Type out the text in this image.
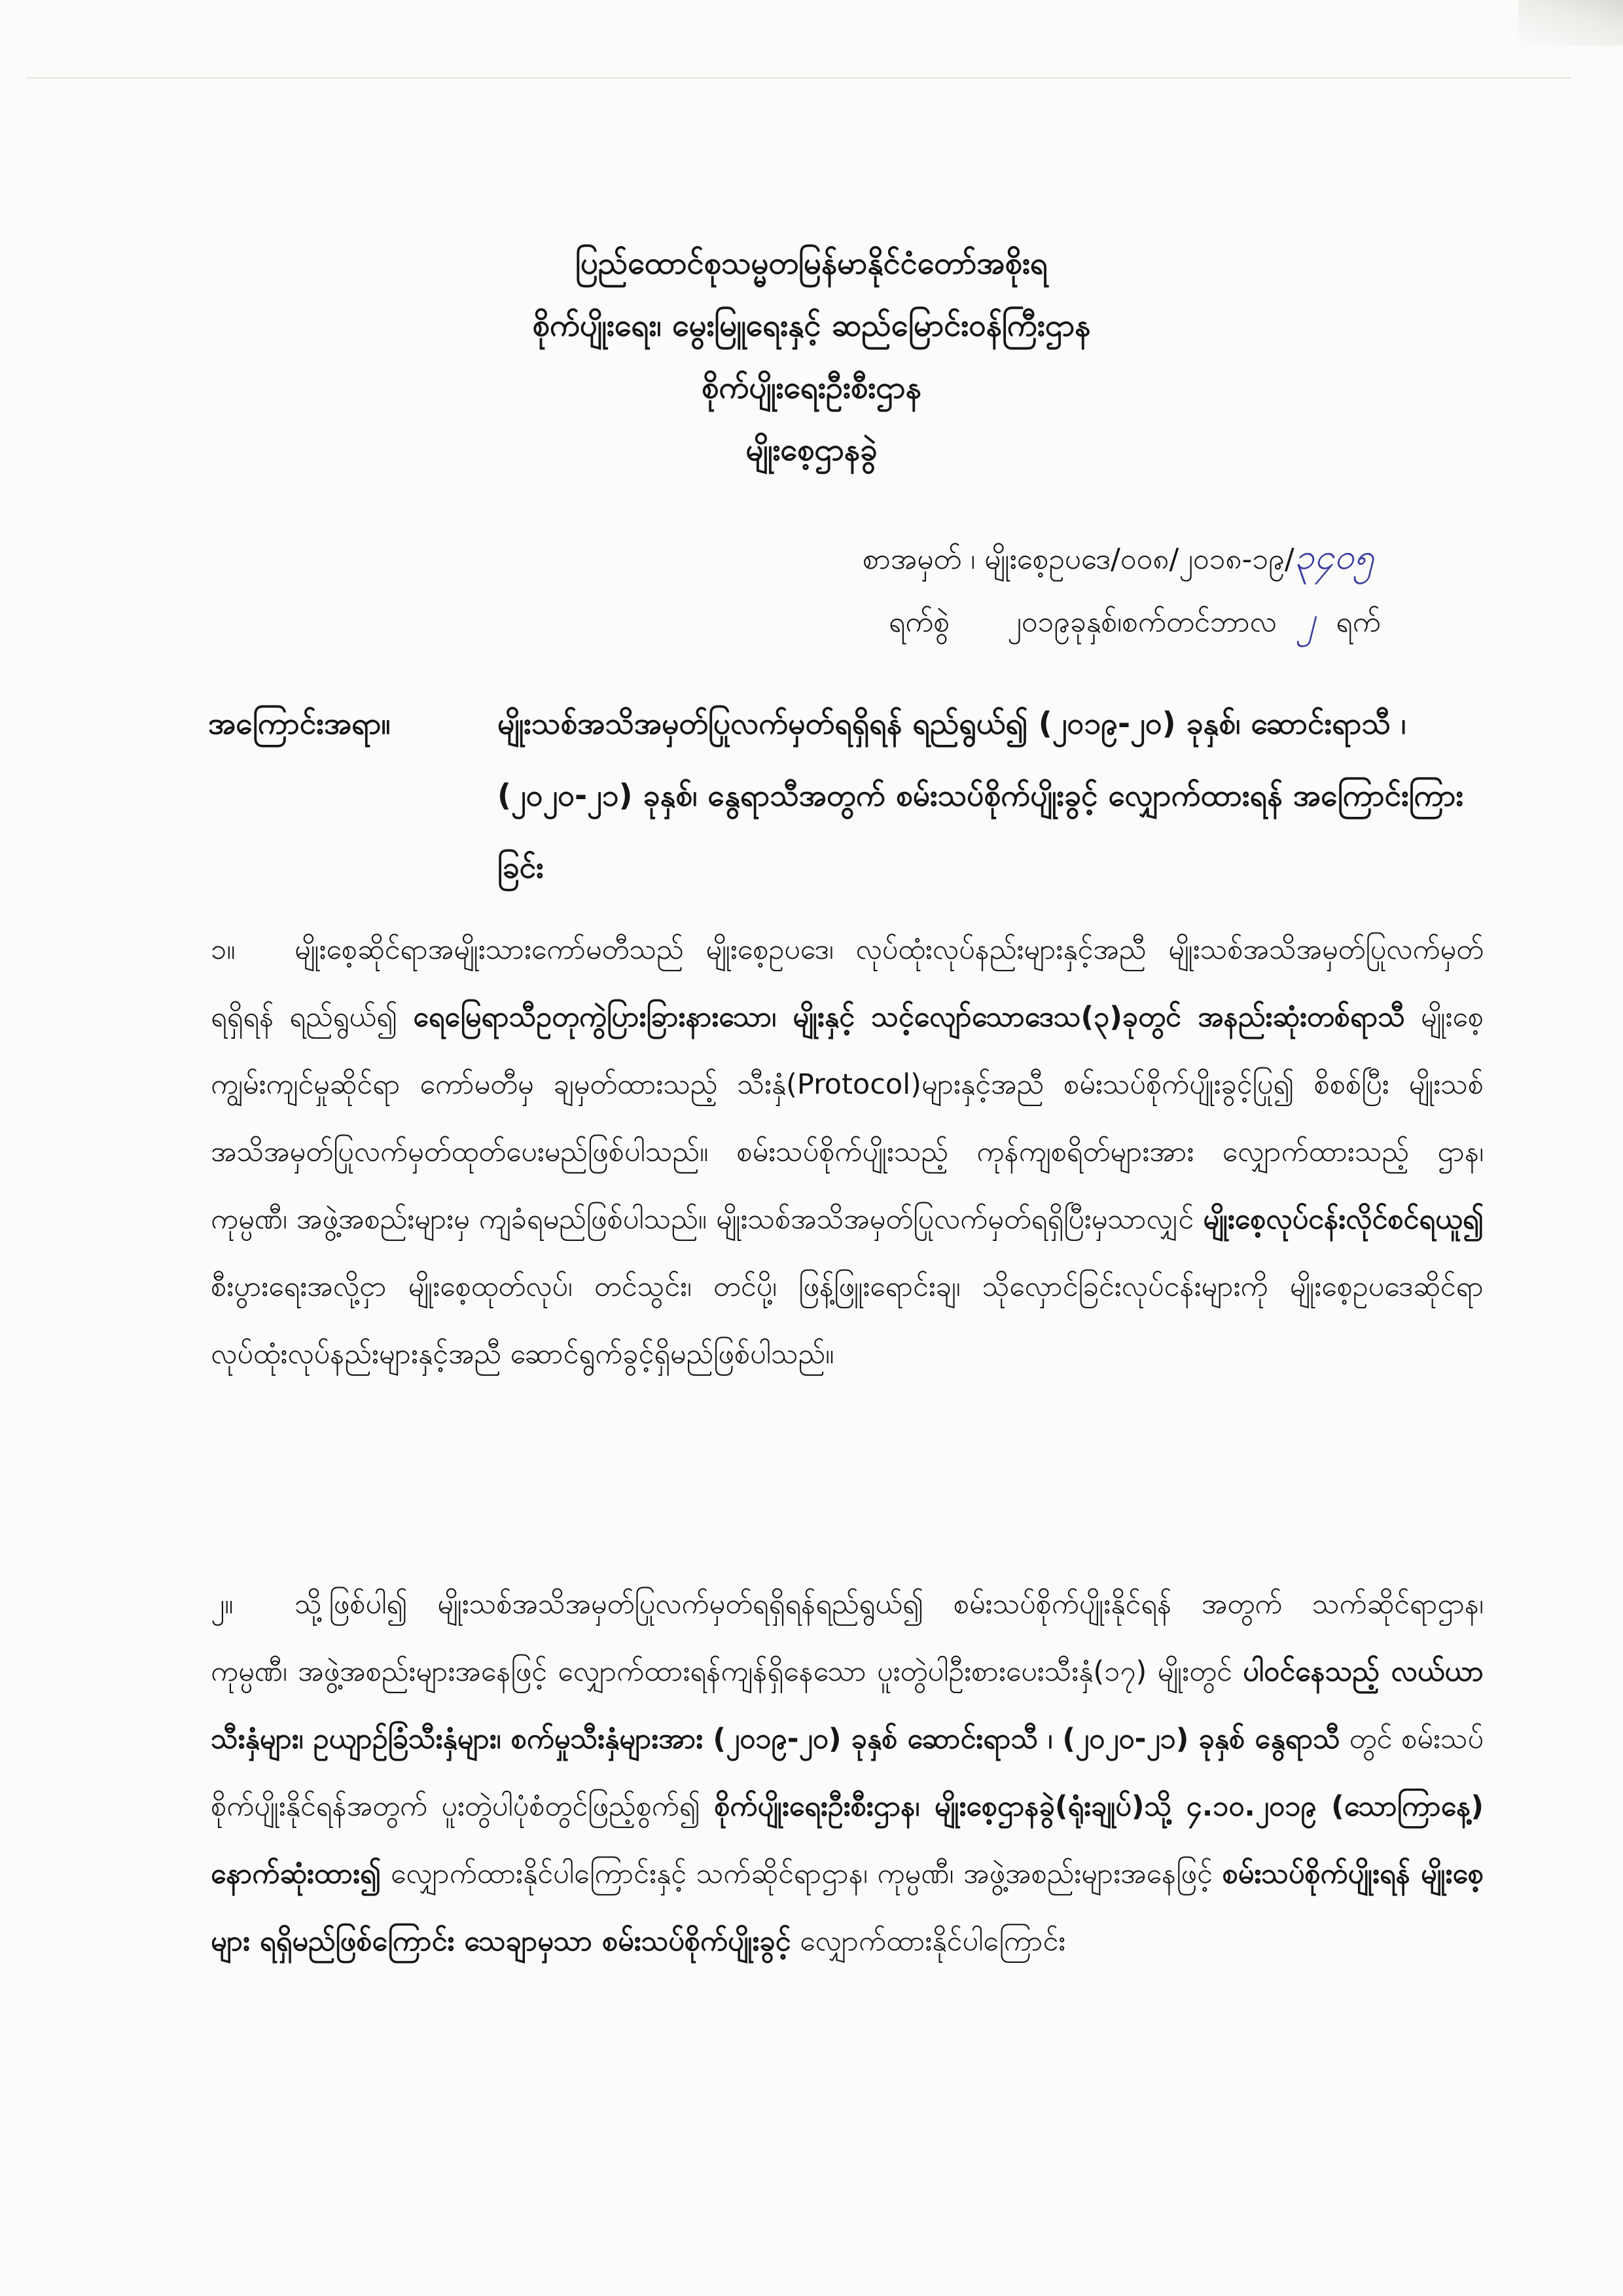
ပြည်ထောင်စုသမ္မတမြန်မာနိုင်ငံတော်အစိုးရ
စိုက်ပျိုးရေး၊ မွေးမြူရေးနှင့် ဆည်မြောင်းဝန်ကြီးဌာန
စိုက်ပျိုးရေးဦးစီးဌာန
မျိုးစေ့ဌာနခွဲ
စာအမှတ် ၊ မျိုးစေ့ဥပဒေ/၀၀၈/၂၀၁၈-၁၉/၃၄၀၅
ရက်စွဲ ၂၀၁၉ခုနှစ်၊စက်တင်ဘာလ ၂ ရက်
အကြောင်းအရာ။	မျိုးသစ်အသိအမှတ်ပြုလက်မှတ်ရရှိရန် ရည်ရွယ်၍ (၂၀၁၉-၂၀) ခုနှစ်၊ ဆောင်းရာသီ ၊ (၂၀၂၀-၂၁) ခုနှစ်၊ နွေရာသီအတွက် စမ်းသပ်စိုက်ပျိုးခွင့် လျှောက်ထားရန် အကြောင်းကြားခြင်း
၁။ မျိုးစေ့ဆိုင်ရာအမျိုးသားကော်မတီသည် မျိုးစေ့ဥပဒေ၊ လုပ်ထုံးလုပ်နည်းများနှင့်အညီ မျိုးသစ်အသိအမှတ်ပြုလက်မှတ် ရရှိရန် ရည်ရွယ်၍ ရေမြေရာသီဥတုကွဲပြားခြားနားသော၊ မျိုးနှင့် သင့်လျော်သောဒေသ(၃)ခုတွင် အနည်းဆုံးတစ်ရာသီ မျိုးစေ့ကျွမ်းကျင်မှုဆိုင်ရာ ကော်မတီမှ ချမှတ်ထားသည့် သီးနှံ(Protocol)များနှင့်အညီ စမ်းသပ်စိုက်ပျိုးခွင့်ပြု၍ စိစစ်ပြီး မျိုးသစ်အသိအမှတ်ပြုလက်မှတ်ထုတ်ပေးမည်ဖြစ်ပါသည်။ စမ်းသပ်စိုက်ပျိုးသည့် ကုန်ကျစရိတ်များအား လျှောက်ထားသည့် ဌာန၊ ကုမ္ပဏီ၊ အဖွဲ့အစည်းများမှ ကျခံရမည်ဖြစ်ပါသည်။ မျိုးသစ်အသိအမှတ်ပြုလက်မှတ်ရရှိပြီးမှသာလျှင် မျိုးစေ့လုပ်ငန်းလိုင်စင်ရယူ၍ စီးပွားရေးအလို့ငှာ မျိုးစေ့ထုတ်လုပ်၊ တင်သွင်း၊ တင်ပို့၊ ဖြန့်ဖြူးရောင်းချ၊ သိုလှောင်ခြင်းလုပ်ငန်းများကို မျိုးစေ့ဥပဒေဆိုင်ရာ လုပ်ထုံးလုပ်နည်းများနှင့်အညီ ဆောင်ရွက်ခွင့်ရှိမည်ဖြစ်ပါသည်။
၂။ သို့ဖြစ်ပါ၍ မျိုးသစ်အသိအမှတ်ပြုလက်မှတ်ရရှိရန်ရည်ရွယ်၍ စမ်းသပ်စိုက်ပျိုးနိုင်ရန် အတွက် သက်ဆိုင်ရာဌာန၊ ကုမ္ပဏီ၊ အဖွဲ့အစည်းများအနေဖြင့် လျှောက်ထားရန်ကျန်ရှိနေသော ပူးတွဲပါဦးစားပေးသီးနှံ(၁၇) မျိုးတွင် ပါဝင်နေသည့် လယ်ယာသီးနှံများ၊ ဥယျာဉ်ခြံသီးနှံများ၊ စက်မှုသီးနှံများအား (၂၀၁၉-၂၀) ခုနှစ် ဆောင်းရာသီ ၊ (၂၀၂၀-၂၁) ခုနှစ် နွေရာသီ တွင် စမ်းသပ်စိုက်ပျိုးနိုင်ရန်အတွက် ပူးတွဲပါပုံစံတွင်ဖြည့်စွက်၍ စိုက်ပျိုးရေးဦးစီးဌာန၊ မျိုးစေ့ဌာနခွဲ(ရုံးချုပ်)သို့ ၄.၁၀.၂၀၁၉ (သောကြာနေ့) နောက်ဆုံးထား၍ လျှောက်ထားနိုင်ပါကြောင်းနှင့် သက်ဆိုင်ရာဌာန၊ ကုမ္ပဏီ၊ အဖွဲ့အစည်းများအနေဖြင့် စမ်းသပ်စိုက်ပျိုးရန် မျိုးစေ့များ ရရှိမည်ဖြစ်ကြောင်း သေချာမှသာ စမ်းသပ်စိုက်ပျိုးခွင့် လျှောက်ထားနိုင်ပါကြောင်း
